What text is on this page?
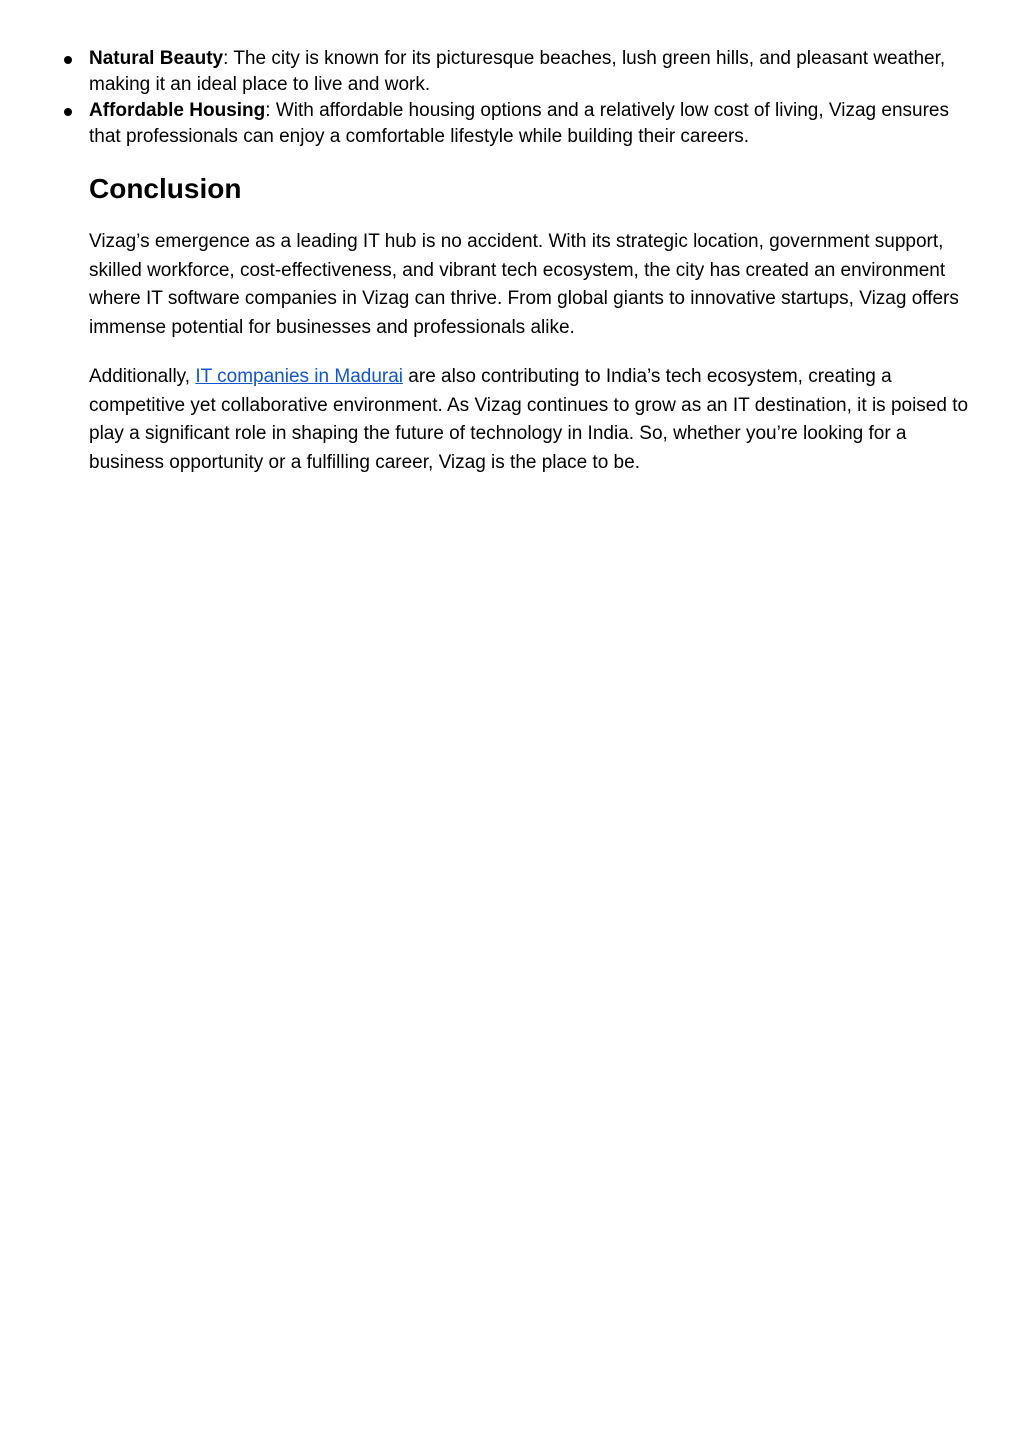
Natural Beauty: The city is known for its picturesque beaches, lush green hills, and pleasant weather, making it an ideal place to live and work.
Affordable Housing: With affordable housing options and a relatively low cost of living, Vizag ensures that professionals can enjoy a comfortable lifestyle while building their careers.
Conclusion

Vizag’s emergence as a leading IT hub is no accident. With its strategic location, government support, skilled workforce, cost-effectiveness, and vibrant tech ecosystem, the city has created an environment where IT software companies in Vizag can thrive. From global giants to innovative startups, Vizag offers immense potential for businesses and professionals alike.

Additionally, IT companies in Madurai are also contributing to India’s tech ecosystem, creating a competitive yet collaborative environment. As Vizag continues to grow as an IT destination, it is poised to play a significant role in shaping the future of technology in India. So, whether you’re looking for a business opportunity or a fulfilling career, Vizag is the place to be.
